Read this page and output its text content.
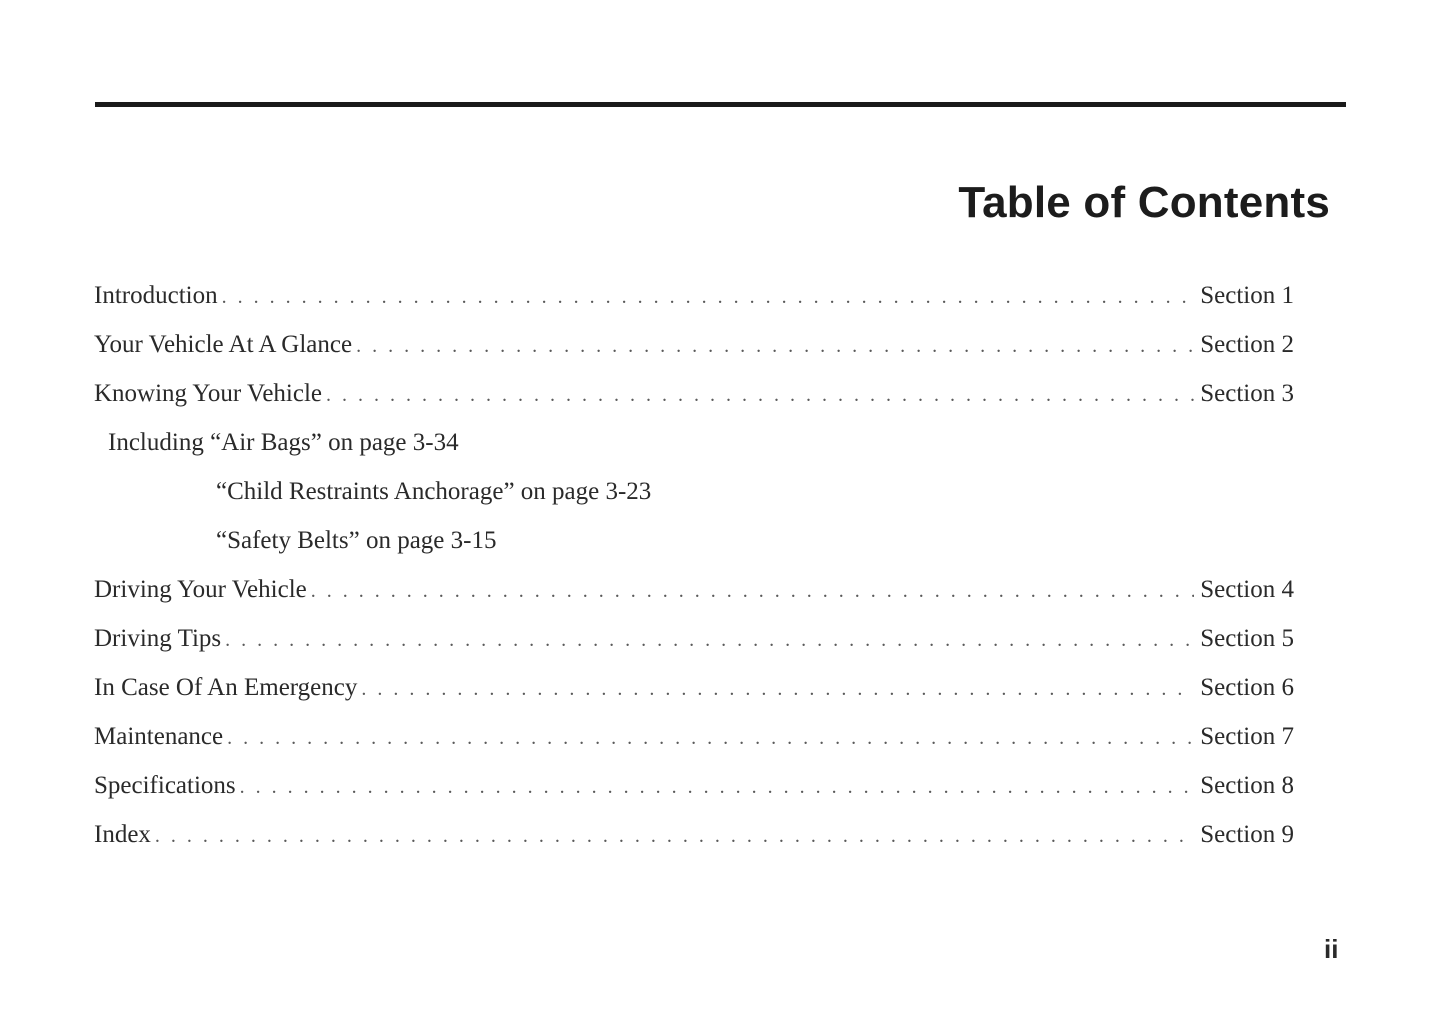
Table of Contents
Introduction . . .	Section 1
Your Vehicle At A Glance . . .	Section 2
Knowing Your Vehicle . . .	Section 3
Including “Air Bags” on page 3-34
“Child Restraints Anchorage” on page 3-23
“Safety Belts” on page 3-15
Driving Your Vehicle . . .	Section 4
Driving Tips . . .	Section 5
In Case Of An Emergency . . .	Section 6
Maintenance . . .	Section 7
Specifications . . .	Section 8
Index . . .	Section 9
ii
